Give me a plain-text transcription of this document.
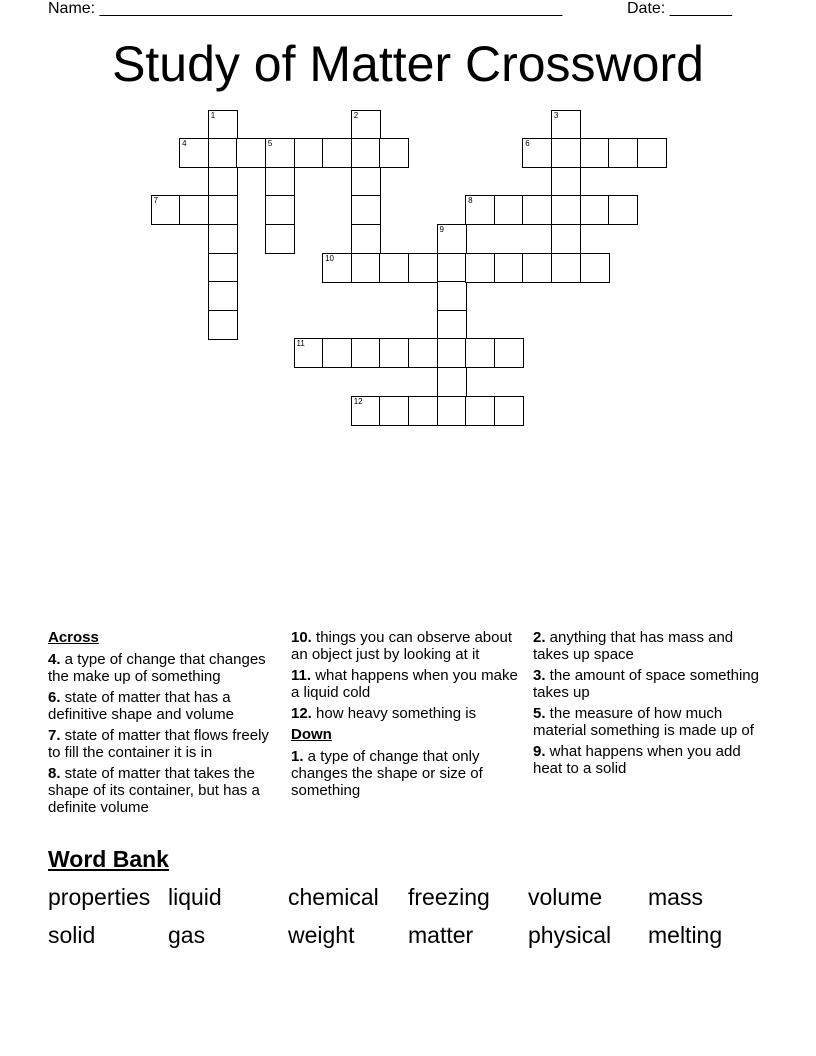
Name: ____________________________________________________	Date: _______
Study of Matter Crossword
1	2	3
4	5	6
7	8
9
10
11
12
Across
4. a type of change that changes the make up of something
6. state of matter that has a definitive shape and volume
7. state of matter that flows freely to fill the container it is in
8. state of matter that takes the shape of its container, but has a definite volume
10. things you can observe about an object just by looking at it
11. what happens when you make a liquid cold
12. how heavy something is
Down
1. a type of change that only changes the shape or size of something
2. anything that has mass and takes up space
3. the amount of space something takes up
5. the measure of how much material something is made up of
9. what happens when you add heat to a solid
Word Bank
properties liquid	chemical freezing volume mass
solid	gas	weight matter physical melting
